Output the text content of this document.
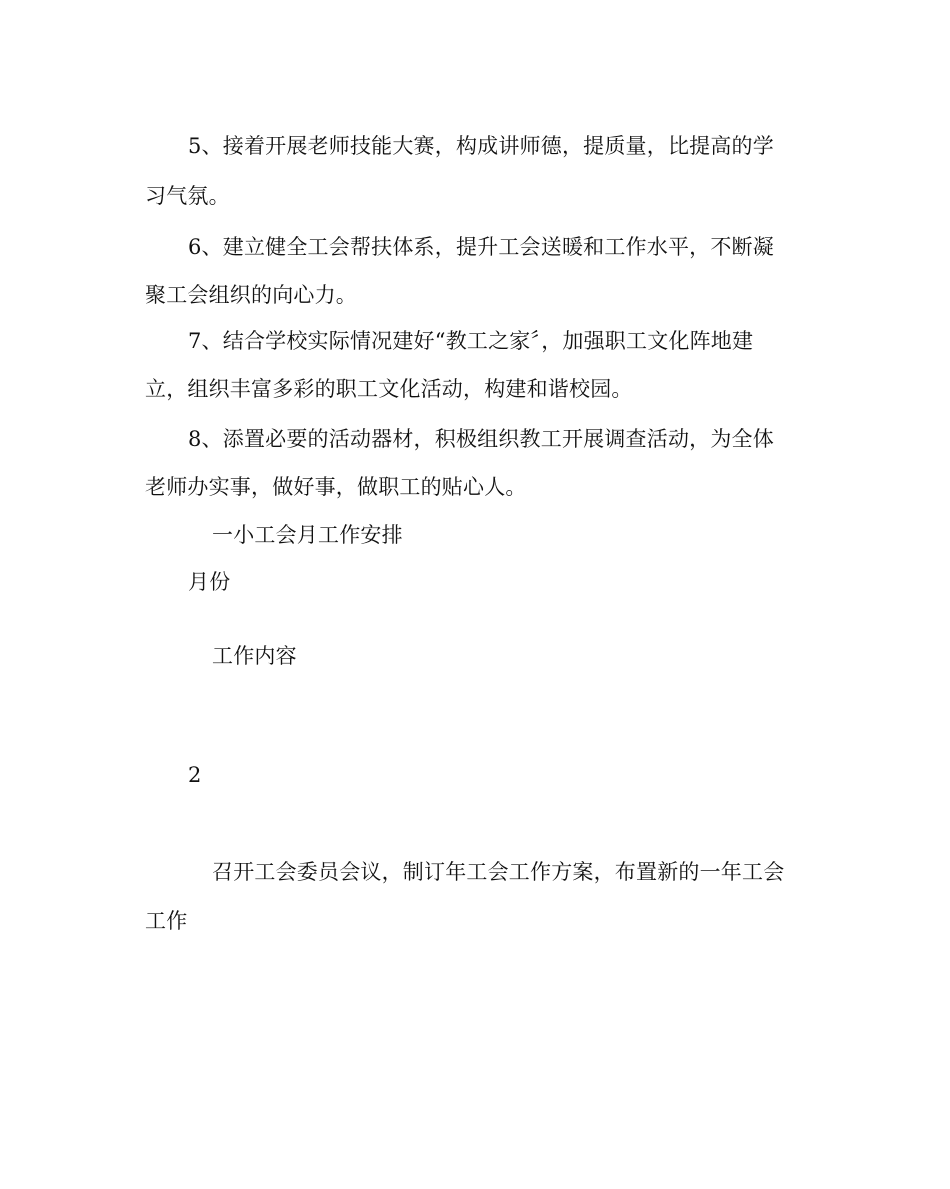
5、接着开展老师技能大赛，构成讲师德，提质量，比提高的学
习气氛。
6、建立健全工会帮扶体系，提升工会送暖和工作水平，不断凝
聚工会组织的向心力。
7、结合学校实际情况建好“教工之家〞，加强职工文化阵地建
立，组织丰富多彩的职工文化活动，构建和谐校园。
8、添置必要的活动器材，积极组织教工开展调查活动，为全体
老师办实事，做好事，做职工的贴心人。
一小工会月工作安排
月份
工作内容
2
召开工会委员会议，制订年工会工作方案，布置新的一年工会
工作
